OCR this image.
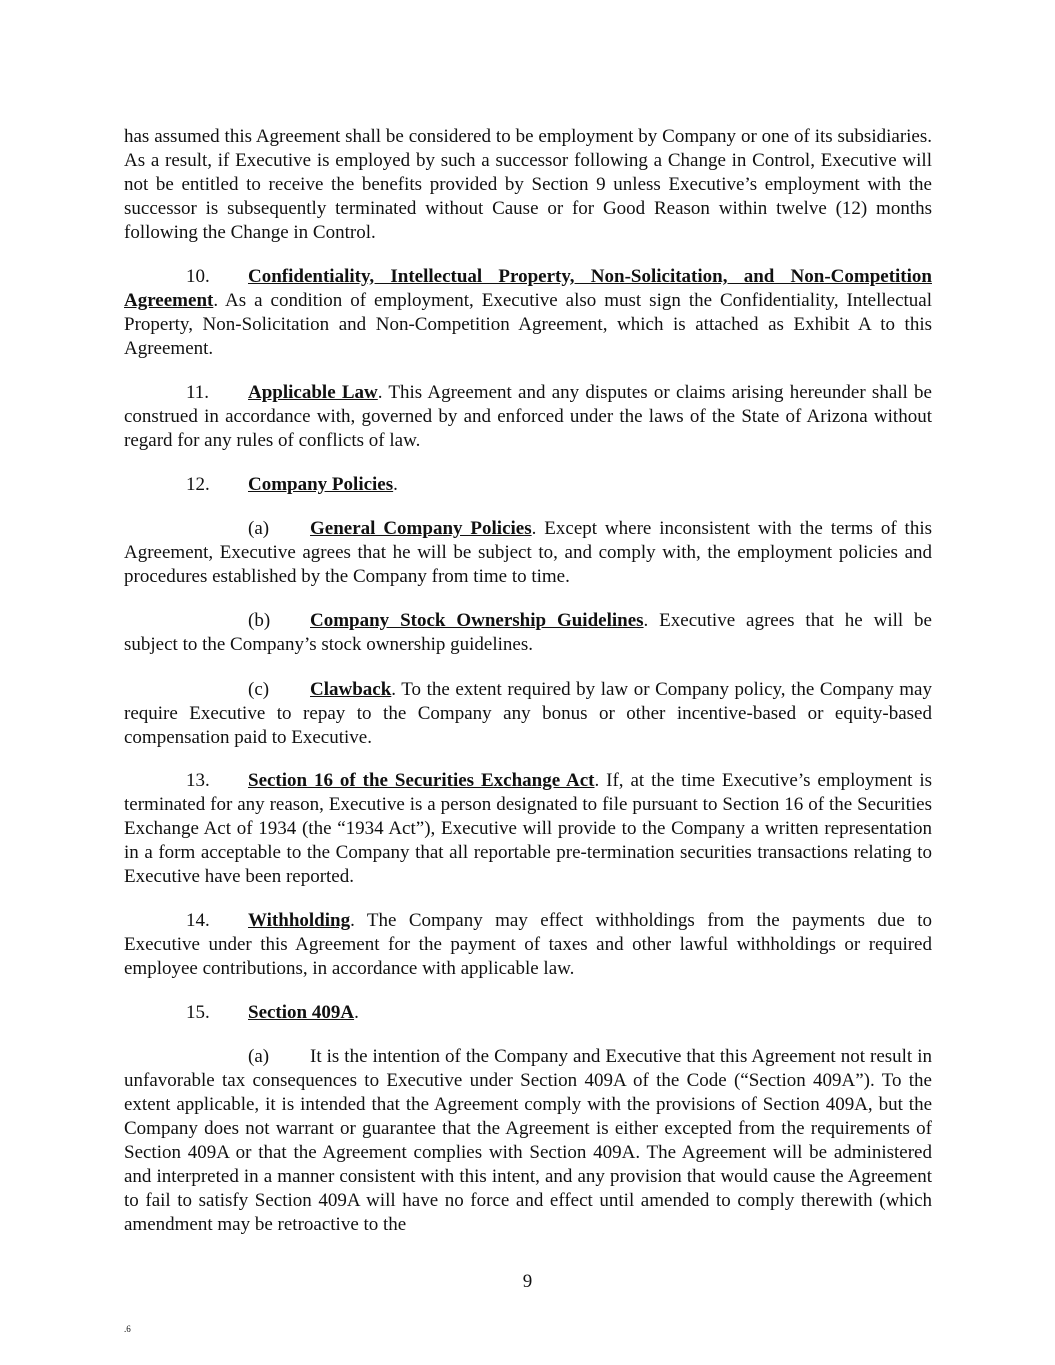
has assumed this Agreement shall be considered to be employment by Company or one of its subsidiaries. As a result, if Executive is employed by such a successor following a Change in Control, Executive will not be entitled to receive the benefits provided by Section 9 unless Executive’s employment with the successor is subsequently terminated without Cause or for Good Reason within twelve (12) months following the Change in Control.

10. Confidentiality, Intellectual Property, Non-Solicitation, and Non-Competition Agreement. As a condition of employment, Executive also must sign the Confidentiality, Intellectual Property, Non-Solicitation and Non-Competition Agreement, which is attached as Exhibit A to this Agreement.

11. Applicable Law. This Agreement and any disputes or claims arising hereunder shall be construed in accordance with, governed by and enforced under the laws of the State of Arizona without regard for any rules of conflicts of law.

12. Company Policies.

(a) General Company Policies. Except where inconsistent with the terms of this Agreement, Executive agrees that he will be subject to, and comply with, the employment policies and procedures established by the Company from time to time.

(b) Company Stock Ownership Guidelines. Executive agrees that he will be subject to the Company’s stock ownership guidelines.

(c) Clawback. To the extent required by law or Company policy, the Company may require Executive to repay to the Company any bonus or other incentive-based or equity-based compensation paid to Executive.

13. Section 16 of the Securities Exchange Act. If, at the time Executive’s employment is terminated for any reason, Executive is a person designated to file pursuant to Section 16 of the Securities Exchange Act of 1934 (the “1934 Act”), Executive will provide to the Company a written representation in a form acceptable to the Company that all reportable pre-termination securities transactions relating to Executive have been reported.

14. Withholding. The Company may effect withholdings from the payments due to Executive under this Agreement for the payment of taxes and other lawful withholdings or required employee contributions, in accordance with applicable law.

15. Section 409A.

(a) It is the intention of the Company and Executive that this Agreement not result in unfavorable tax consequences to Executive under Section 409A of the Code (“Section 409A”). To the extent applicable, it is intended that the Agreement comply with the provisions of Section 409A, but the Company does not warrant or guarantee that the Agreement is either excepted from the requirements of Section 409A or that the Agreement complies with Section 409A. The Agreement will be administered and interpreted in a manner consistent with this intent, and any provision that would cause the Agreement to fail to satisfy Section 409A will have no force and effect until amended to comply therewith (which amendment may be retroactive to the

9
.6
